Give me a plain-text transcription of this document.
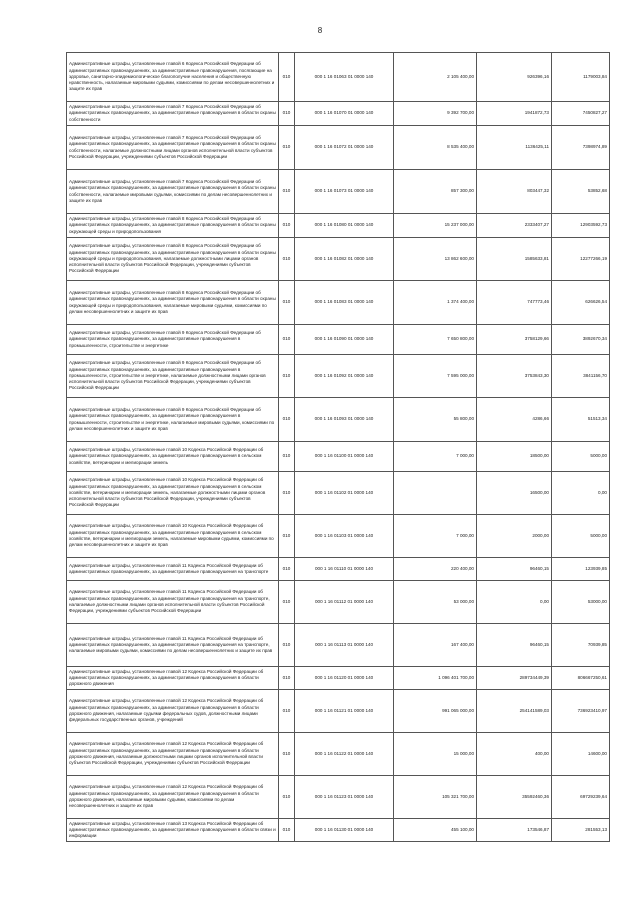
8
Административные штрафы, установленные главой 6 Кодекса Российской Федерации об административных правонарушениях, за административные правонарушения, посягающие на здоровье, санитарно-эпидемиологическое благополучие населения и общественную нравственность, налагаемые мировыми судьями, комиссиями по делам несовершеннолетних и защите их прав	010	000 1 16 01063 01 0000 140	2 105 400,00	926396,16	1179003,84
Административные штрафы, установленные главой 7 Кодекса Российской Федерации об административных правонарушениях, за административные правонарушения в области охраны собственности	010	000 1 16 01070 01 0000 140	9 392 700,00	1941872,73	7450827,27
Административные штрафы, установленные главой 7 Кодекса Российской Федерации об административных правонарушениях, за административные правонарушения в области охраны собственности, налагаемые должностными лицами органов исполнительной власти субъектов Российской Федерации, учреждениями субъектов Российской Федерации	010	000 1 16 01072 01 0000 140	8 535 400,00	1136425,11	7398974,89
Административные штрафы, установленные главой 7 Кодекса Российской Федерации об административных правонарушениях, за административные правонарушения в области охраны собственности, налагаемые мировыми судьями, комиссиями по делам несовершеннолетних и защите их прав	010	000 1 16 01073 01 0000 140	857 300,00	803447,32	53852,68
Административные штрафы, установленные главой 8 Кодекса Российской Федерации об административных правонарушениях, за административные правонарушения в области охраны окружающей среды и природопользования	010	000 1 16 01080 01 0000 140	15 237 000,00	2333407,27	12903592,73
Административные штрафы, установленные главой 8 Кодекса Российской Федерации об административных правонарушениях, за административные правонарушения в области охраны окружающей среды и природопользования, налагаемые должностными лицами органов исполнительной власти субъектов Российской Федерации, учреждениями субъектов Российской Федерации	010	000 1 16 01082 01 0000 140	13 862 600,00	1585633,81	12277266,19
Административные штрафы, установленные главой 8 Кодекса Российской Федерации об административных правонарушениях, за административные правонарушения в области охраны окружающей среды и природопользования, налагаемые мировыми судьями, комиссиями по делам несовершеннолетних и защите их прав	010	000 1 16 01083 01 0000 140	1 374 400,00	747773,46	626626,54
Административные штрафы, установленные главой 9 Кодекса Российской Федерации об административных правонарушениях, за административные правонарушения в промышленности, строительстве и энергетике	010	000 1 16 01090 01 0000 140	7 650 800,00	3758129,66	3892670,34
Административные штрафы, установленные главой 9 Кодекса Российской Федерации об административных правонарушениях, за административные правонарушения в промышленности, строительстве и энергетике, налагаемые должностными лицами органов исполнительной власти субъектов Российской Федерации, учреждениями субъектов Российской Федерации	010	000 1 16 01092 01 0000 140	7 595 000,00	3753843,30	3841156,70
Административные штрафы, установленные главой 9 Кодекса Российской Федерации об административных правонарушениях, за административные правонарушения в промышленности, строительстве и энергетике, налагаемые мировыми судьями, комиссиями по делам несовершеннолетних и защите их прав	010	000 1 16 01093 01 0000 140	55 800,00	4286,66	51513,34
Административные штрафы, установленные главой 10 Кодекса Российской Федерации об административных правонарушениях, за административные правонарушения в сельском хозяйстве, ветеринарии и мелиорации земель	010	000 1 16 01100 01 0000 140	7 000,00	18500,00	5000,00
Административные штрафы, установленные главой 10 Кодекса Российской Федерации об административных правонарушениях, за административные правонарушения в сельском хозяйстве, ветеринарии и мелиорации земель, налагаемые должностными лицами органов исполнительной власти субъектов Российской Федерации, учреждениями субъектов Российской Федерации	010	000 1 16 01102 01 0000 140		16500,00	0,00
Административные штрафы, установленные главой 10 Кодекса Российской Федерации об административных правонарушениях, за административные правонарушения в сельском хозяйстве, ветеринарии и мелиорации земель, налагаемые мировыми судьями, комиссиями по делам несовершеннолетних и защите их прав	010	000 1 16 01103 01 0000 140	7 000,00	2000,00	5000,00
Административные штрафы, установленные главой 11 Кодекса Российской Федерации об административных правонарушениях, за административные правонарушения на транспорте	010	000 1 16 01110 01 0000 140	220 400,00	96460,15	123939,85
Административные штрафы, установленные главой 11 Кодекса Российской Федерации об административных правонарушениях, за административные правонарушения на транспорте, налагаемые должностными лицами органов исполнительной власти субъектов Российской Федерации, учреждениями субъектов Российской Федерации	010	000 1 16 01112 01 0000 140	53 000,00	0,00	53000,00
Административные штрафы, установленные главой 11 Кодекса Российской Федерации об административных правонарушениях, за административные правонарушения на транспорте, налагаемые мировыми судьями, комиссиями по делам несовершеннолетних и защите их прав	010	000 1 16 01113 01 0000 140	167 400,00	96460,15	70939,85
Административные штрафы, установленные главой 12 Кодекса Российской Федерации об административных правонарушениях, за административные правонарушения в области дорожного движения	010	000 1 16 01120 01 0000 140	1 096 401 700,00	289734449,39	806667250,61
Административные штрафы, установленные главой 12 Кодекса Российской Федерации об административных правонарушениях, за административные правонарушения в области дорожного движения, налагаемые судьями федеральных судов, должностными лицами федеральных государственных органов, учреждений	010	000 1 16 01121 01 0000 140	991 065 000,00	254141589,03	736923410,97
Административные штрафы, установленные главой 12 Кодекса Российской Федерации об административных правонарушениях, за административные правонарушения в области дорожного движения, налагаемые должностными лицами органов исполнительной власти субъектов Российской Федерации, учреждениями субъектов Российской Федерации	010	000 1 16 01122 01 0000 140	15 000,00	400,00	14600,00
Административные штрафы, установленные главой 12 Кодекса Российской Федерации об административных правонарушениях, за административные правонарушения в области дорожного движения, налагаемые мировыми судьями, комиссиями по делам несовершеннолетних и защите их прав	010	000 1 16 01123 01 0000 140	105 321 700,00	35592460,36	69729239,64
Административные штрафы, установленные главой 13 Кодекса Российской Федерации об административных правонарушениях, за административные правонарушения в области связи и информации	010	000 1 16 01130 01 0000 140	455 100,00	173546,87	281553,13
